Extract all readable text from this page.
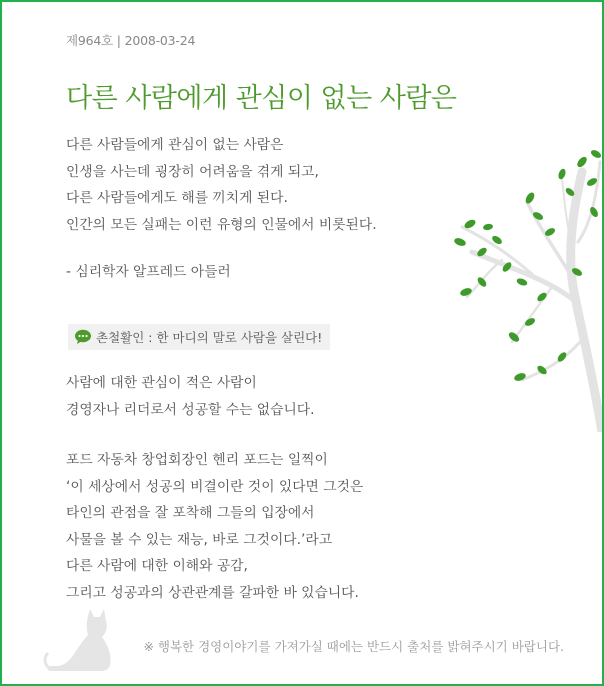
제964호 | 2008-03-24
다른 사람에게 관심이 없는 사람은
다른 사람들에게 관심이 없는 사람은
인생을 사는데 굉장히 어려움을 겪게 되고,
다른 사람들에게도 해를 끼치게 된다.
인간의 모든 실패는 이런 유형의 인물에서 비롯된다.
- 심리학자 알프레드 아들러
촌철활인 : 한 마디의 말로 사람을 살린다!
사람에 대한 관심이 적은 사람이
경영자나 리더로서 성공할 수는 없습니다.
포드 자동차 창업회장인 헨리 포드는 일찍이
‘이 세상에서 성공의 비결이란 것이 있다면 그것은
타인의 관점을 잘 포착해 그들의 입장에서
사물을 볼 수 있는 재능, 바로 그것이다.’라고
다른 사람에 대한 이해와 공감,
그리고 성공과의 상관관계를 갈파한 바 있습니다.
※ 행복한 경영이야기를 가져가실 때에는 반드시 출처를 밝혀주시기 바랍니다.
